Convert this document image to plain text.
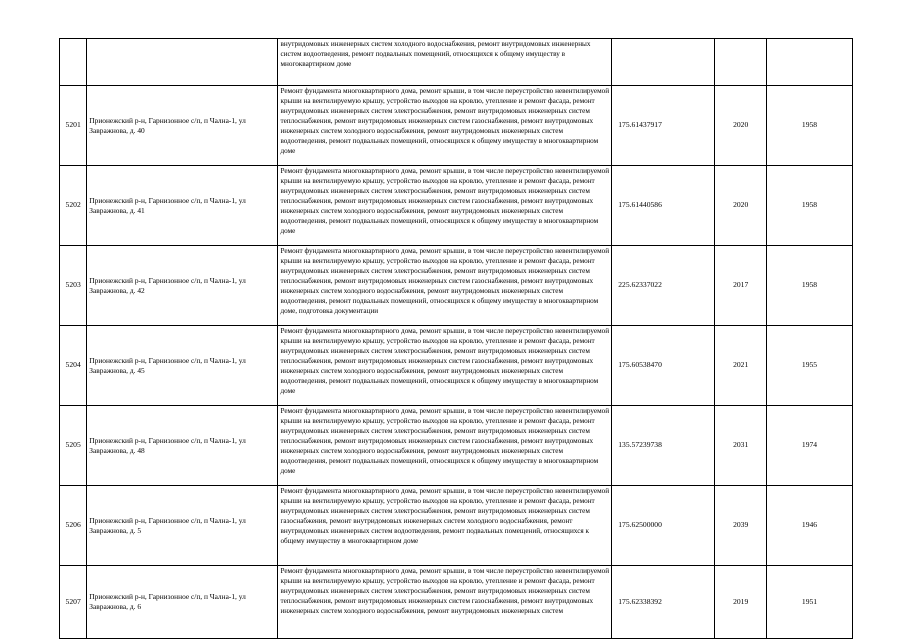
		внутридомовых инженерных систем холодного водоснабжения, ремонт внутридомовых инженерных систем водоотведения, ремонт подвальных помещений, относящихся к общему имуществу в многоквартирном доме			
5201	Прионежский р-н, Гарнизонное с/п, п Чална-1, ул Завражнова, д. 40	Ремонт фундамента многоквартирного дома, ремонт крыши, в том числе переустройство невентилируемой крыши на вентилируемую крышу, устройство выходов на кровлю, утепление и ремонт фасада, ремонт внутридомовых инженерных систем электроснабжения, ремонт внутридомовых инженерных систем теплоснабжения, ремонт внутридомовых инженерных систем газоснабжения, ремонт внутридомовых инженерных систем холодного водоснабжения, ремонт внутридомовых инженерных систем водоотведения, ремонт подвальных помещений, относящихся к общему имуществу в многоквартирном доме	175.61437917	2020	1958
5202	Прионежский р-н, Гарнизонное с/п, п Чална-1, ул Завражнова, д. 41	Ремонт фундамента многоквартирного дома, ремонт крыши, в том числе переустройство невентилируемой крыши на вентилируемую крышу, устройство выходов на кровлю, утепление и ремонт фасада, ремонт внутридомовых инженерных систем электроснабжения, ремонт внутридомовых инженерных систем теплоснабжения, ремонт внутридомовых инженерных систем газоснабжения, ремонт внутридомовых инженерных систем холодного водоснабжения, ремонт внутридомовых инженерных систем водоотведения, ремонт подвальных помещений, относящихся к общему имуществу в многоквартирном доме	175.61440586	2020	1958
5203	Прионежский р-н, Гарнизонное с/п, п Чална-1, ул Завражнова, д. 42	Ремонт фундамента многоквартирного дома, ремонт крыши, в том числе переустройство невентилируемой крыши на вентилируемую крышу, устройство выходов на кровлю, утепление и ремонт фасада, ремонт внутридомовых инженерных систем электроснабжения, ремонт внутридомовых инженерных систем теплоснабжения, ремонт внутридомовых инженерных систем газоснабжения, ремонт внутридомовых инженерных систем холодного водоснабжения, ремонт внутридомовых инженерных систем водоотведения, ремонт подвальных помещений, относящихся к общему имуществу в многоквартирном доме, подготовка документации	225.62337022	2017	1958
5204	Прионежский р-н, Гарнизонное с/п, п Чална-1, ул Завражнова, д. 45	Ремонт фундамента многоквартирного дома, ремонт крыши, в том числе переустройство невентилируемой крыши на вентилируемую крышу, устройство выходов на кровлю, утепление и ремонт фасада, ремонт внутридомовых инженерных систем электроснабжения, ремонт внутридомовых инженерных систем теплоснабжения, ремонт внутридомовых инженерных систем газоснабжения, ремонт внутридомовых инженерных систем холодного водоснабжения, ремонт внутридомовых инженерных систем водоотведения, ремонт подвальных помещений, относящихся к общему имуществу в многоквартирном доме	175.60538470	2021	1955
5205	Прионежский р-н, Гарнизонное с/п, п Чална-1, ул Завражнова, д. 48	Ремонт фундамента многоквартирного дома, ремонт крыши, в том числе переустройство невентилируемой крыши на вентилируемую крышу, устройство выходов на кровлю, утепление и ремонт фасада, ремонт внутридомовых инженерных систем электроснабжения, ремонт внутридомовых инженерных систем теплоснабжения, ремонт внутридомовых инженерных систем газоснабжения, ремонт внутридомовых инженерных систем холодного водоснабжения, ремонт внутридомовых инженерных систем водоотведения, ремонт подвальных помещений, относящихся к общему имуществу в многоквартирном доме	135.57239738	2031	1974
5206	Прионежский р-н, Гарнизонное с/п, п Чална-1, ул Завражнова, д. 5	Ремонт фундамента многоквартирного дома, ремонт крыши, в том числе переустройство невентилируемой крыши на вентилируемую крышу, устройство выходов на кровлю, утепление и ремонт фасада, ремонт внутридомовых инженерных систем электроснабжения, ремонт внутридомовых инженерных систем газоснабжения, ремонт внутридомовых инженерных систем холодного водоснабжения, ремонт внутридомовых инженерных систем водоотведения, ремонт подвальных помещений, относящихся к общему имуществу в многоквартирном доме	175.62500000	2039	1946
5207	Прионежский р-н, Гарнизонное с/п, п Чална-1, ул Завражнова, д. 6	Ремонт фундамента многоквартирного дома, ремонт крыши, в том числе переустройство невентилируемой крыши на вентилируемую крышу, устройство выходов на кровлю, утепление и ремонт фасада, ремонт внутридомовых инженерных систем электроснабжения, ремонт внутридомовых инженерных систем теплоснабжения, ремонт внутридомовых инженерных систем газоснабжения, ремонт внутридомовых инженерных систем холодного водоснабжения, ремонт внутридомовых инженерных систем	175.62338392	2019	1951
